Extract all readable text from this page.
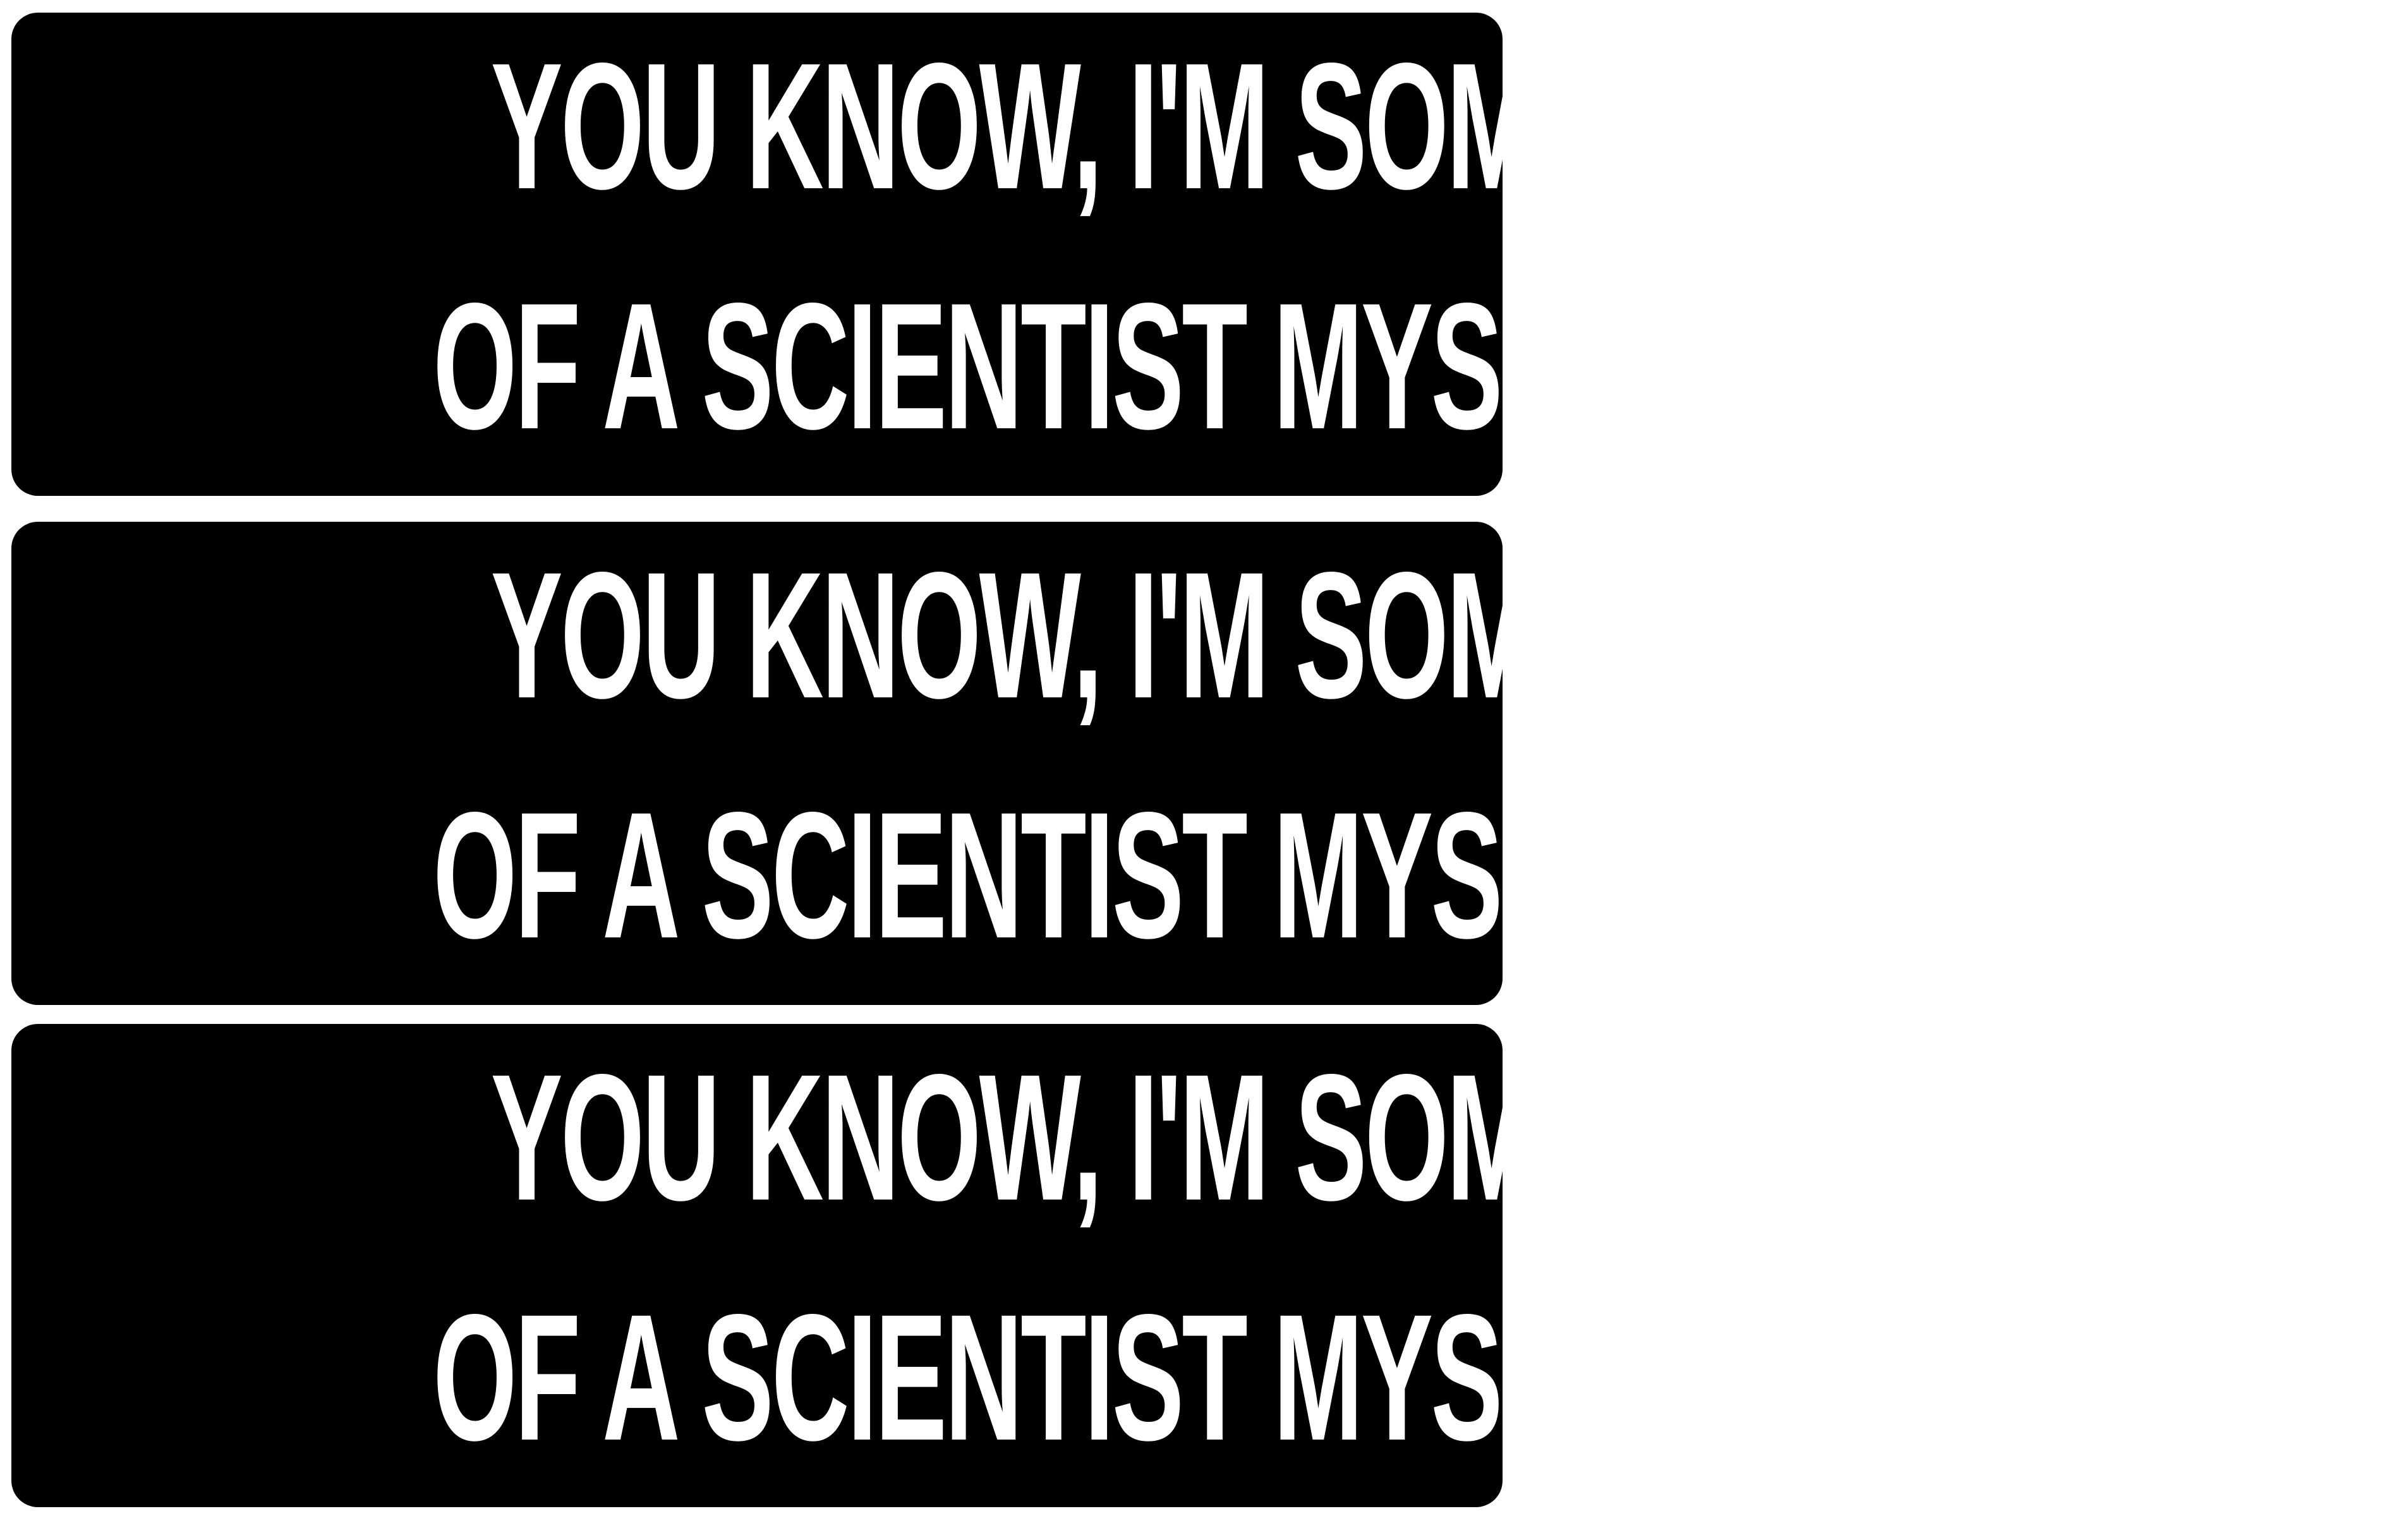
YOU KNOW, I'M SOMETHING
OF A SCIENTIST MYSELF
YOU KNOW, I'M SOMETHING
OF A SCIENTIST MYSELF
YOU KNOW, I'M SOMETHING
OF A SCIENTIST MYSELF
